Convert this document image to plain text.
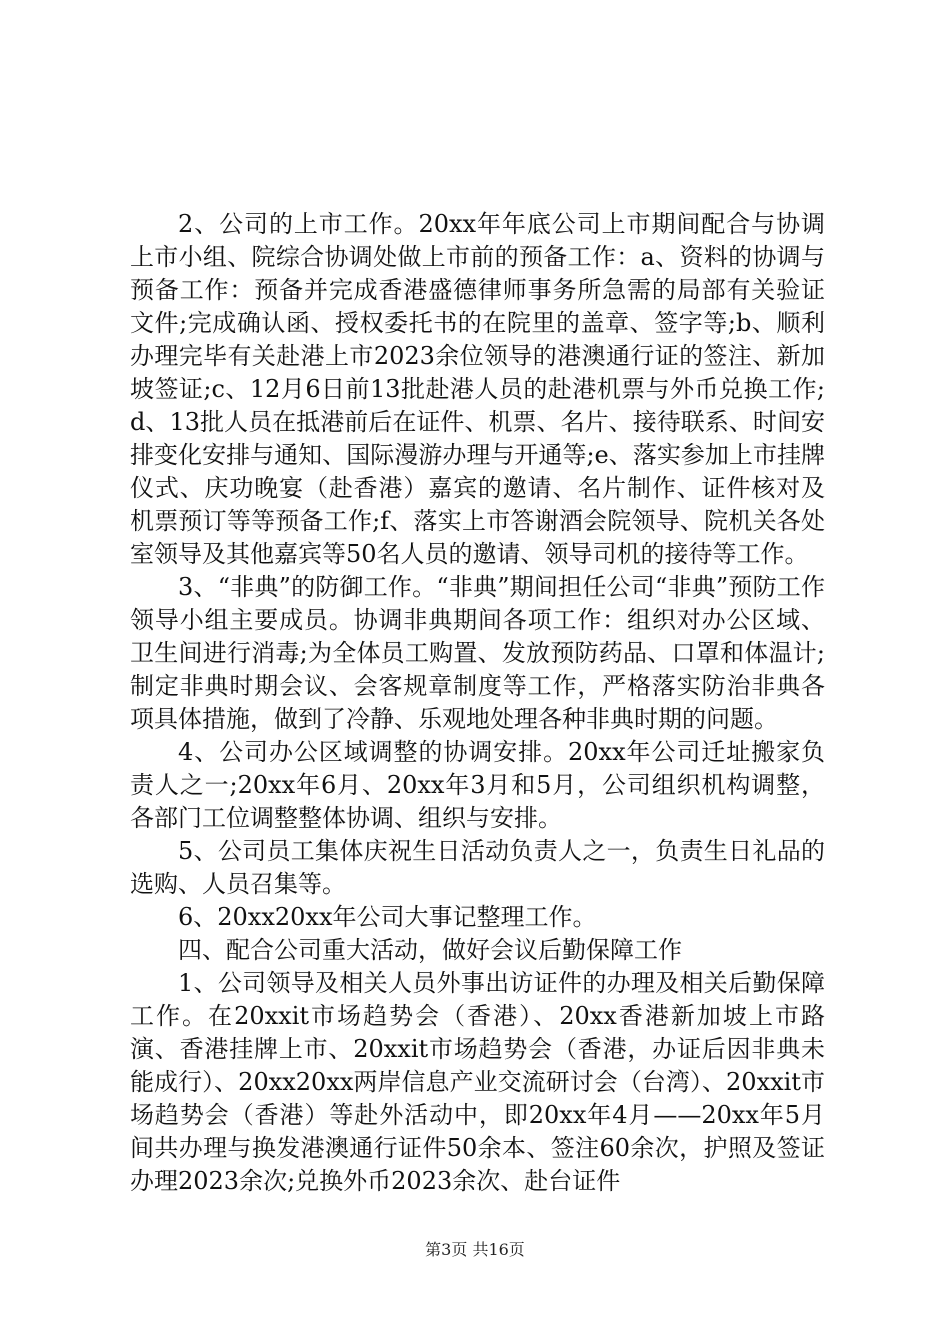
2、公司的上市工作。20xx年年底公司上市期间配合与协调上市小组、院综合协调处做上市前的预备工作：a、资料的协调与预备工作：预备并完成香港盛德律师事务所急需的局部有关验证文件;完成确认函、授权委托书的在院里的盖章、签字等;b、顺利办理完毕有关赴港上市2023余位领导的港澳通行证的签注、新加坡签证;c、12月6日前13批赴港人员的赴港机票与外币兑换工作;d、13批人员在抵港前后在证件、机票、名片、接待联系、时间安排变化安排与通知、国际漫游办理与开通等;e、落实参加上市挂牌仪式、庆功晚宴（赴香港）嘉宾的邀请、名片制作、证件核对及机票预订等等预备工作;f、落实上市答谢酒会院领导、院机关各处室领导及其他嘉宾等50名人员的邀请、领导司机的接待等工作。

3、“非典”的防御工作。“非典”期间担任公司“非典”预防工作领导小组主要成员。协调非典期间各项工作：组织对办公区域、卫生间进行消毒;为全体员工购置、发放预防药品、口罩和体温计;制定非典时期会议、会客规章制度等工作，严格落实防治非典各项具体措施，做到了冷静、乐观地处理各种非典时期的问题。

4、公司办公区域调整的协调安排。20xx年公司迁址搬家负责人之一;20xx年6月、20xx年3月和5月，公司组织机构调整，各部门工位调整整体协调、组织与安排。

5、公司员工集体庆祝生日活动负责人之一，负责生日礼品的选购、人员召集等。

6、20xx20xx年公司大事记整理工作。

四、配合公司重大活动，做好会议后勤保障工作

1、公司领导及相关人员外事出访证件的办理及相关后勤保障工作。在20xxit市场趋势会（香港）、20xx香港新加坡上市路演、香港挂牌上市、20xxit市场趋势会（香港，办证后因非典未能成行）、20xx20xx两岸信息产业交流研讨会（台湾）、20xxit市场趋势会（香港）等赴外活动中，即20xx年4月——20xx年5月间共办理与换发港澳通行证件50余本、签注60余次，护照及签证办理2023余次;兑换外币2023余次、赴台证件

第3页 共16页
